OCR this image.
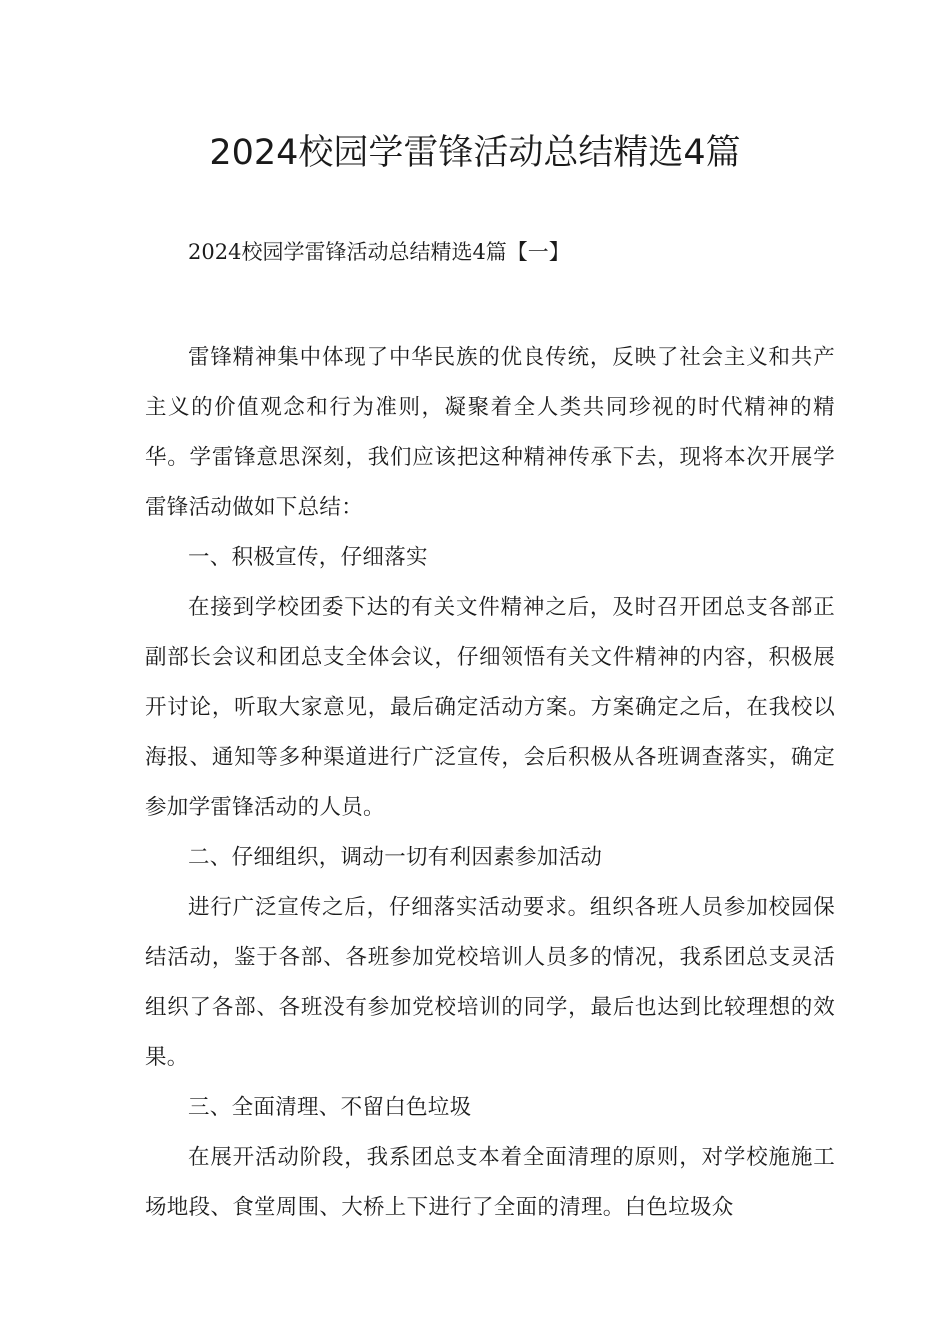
2024校园学雷锋活动总结精选4篇
2024校园学雷锋活动总结精选4篇【一】

雷锋精神集中体现了中华民族的优良传统，反映了社会主义和共产主义的价值观念和行为准则，凝聚着全人类共同珍视的时代精神的精华。学雷锋意思深刻，我们应该把这种精神传承下去，现将本次开展学雷锋活动做如下总结：

一、积极宣传，仔细落实

在接到学校团委下达的有关文件精神之后，及时召开团总支各部正副部长会议和团总支全体会议，仔细领悟有关文件精神的内容，积极展开讨论，听取大家意见，最后确定活动方案。方案确定之后，在我校以海报、通知等多种渠道进行广泛宣传，会后积极从各班调查落实，确定参加学雷锋活动的人员。

二、仔细组织，调动一切有利因素参加活动

进行广泛宣传之后，仔细落实活动要求。组织各班人员参加校园保结活动，鉴于各部、各班参加党校培训人员多的情况，我系团总支灵活组织了各部、各班没有参加党校培训的同学，最后也达到比较理想的效果。

三、全面清理、不留白色垃圾

在展开活动阶段，我系团总支本着全面清理的原则，对学校施施工场地段、食堂周围、大桥上下进行了全面的清理。白色垃圾众
